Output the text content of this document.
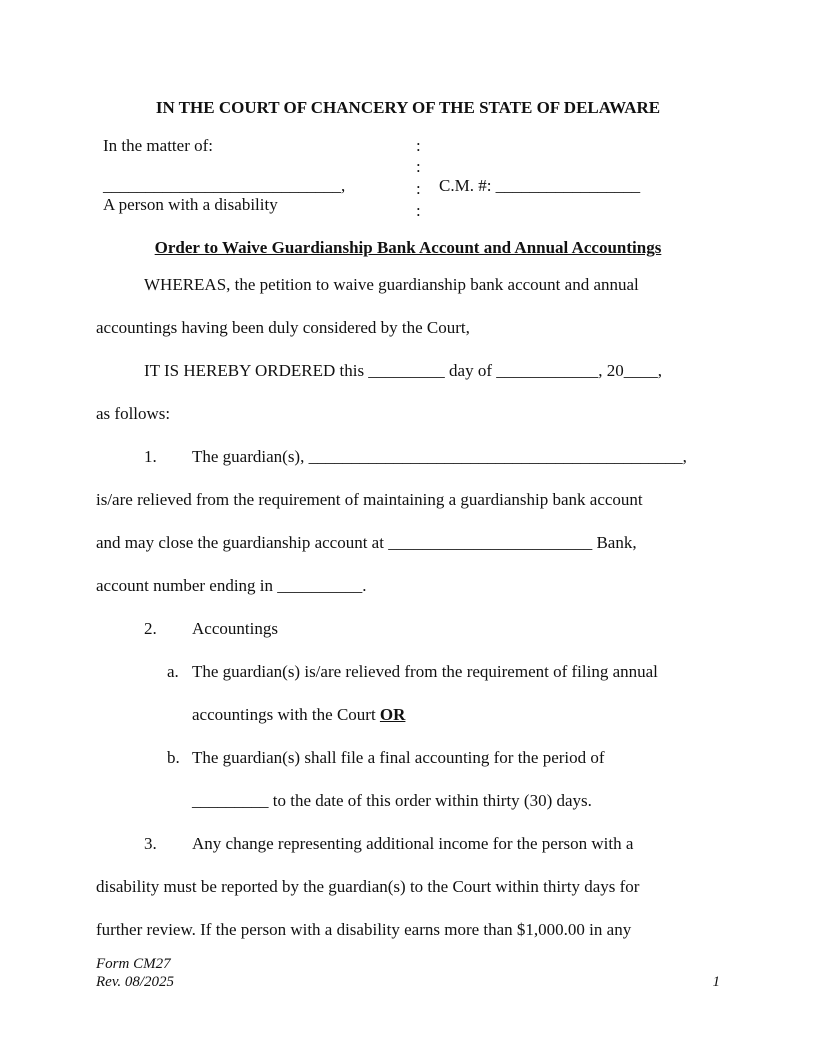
IN THE COURT OF CHANCERY OF THE STATE OF DELAWARE
In the matter of:
____________________________,
A person with a disability
:
:
:
:
C.M. #: _________________
Order to Waive Guardianship Bank Account and Annual Accountings
WHEREAS, the petition to waive guardianship bank account and annual
accountings having been duly considered by the Court,
IT IS HEREBY ORDERED this _________ day of ____________, 20____,
as follows:
1. The guardian(s), ____________________________________________,
is/are relieved from the requirement of maintaining a guardianship bank account
and may close the guardianship account at ________________________ Bank,
account number ending in __________.
2. Accountings
a. The guardian(s) is/are relieved from the requirement of filing annual
accountings with the Court OR
b. The guardian(s) shall file a final accounting for the period of
_________ to the date of this order within thirty (30) days.
3. Any change representing additional income for the person with a
disability must be reported by the guardian(s) to the Court within thirty days for
further review. If the person with a disability earns more than $1,000.00 in any
Form CM27
Rev. 08/2025	1
